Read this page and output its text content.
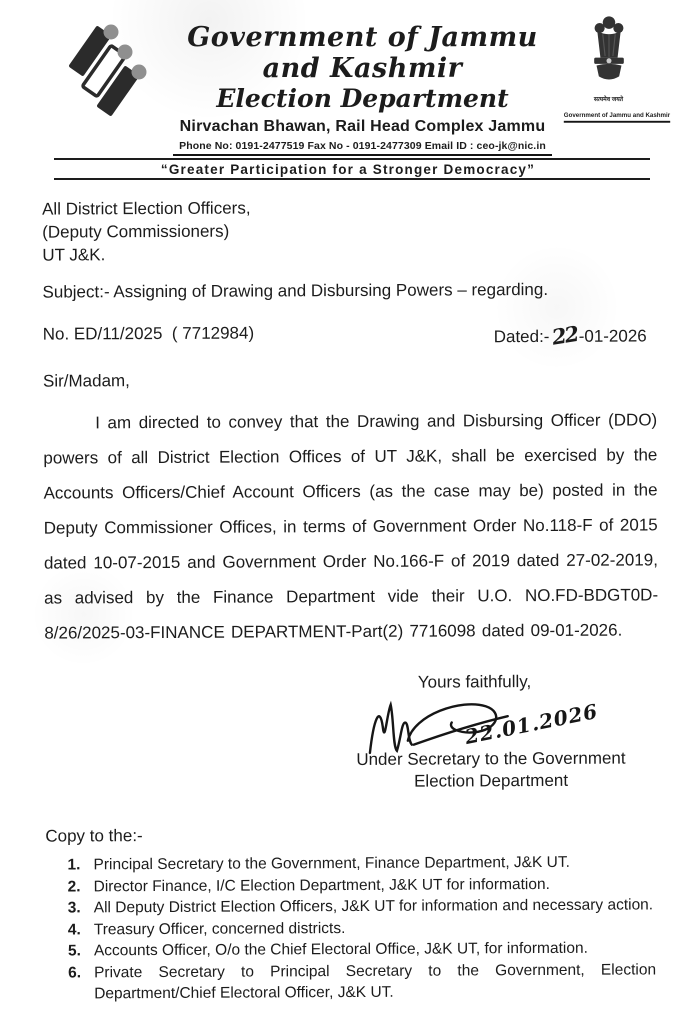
Government of Jammu and Kashmir
Election Department
Nirvachan Bhawan, Rail Head Complex Jammu
Phone No: 0191-2477519 Fax No - 0191-2477309 Email ID : ceo-jk@nic.in
सत्यमेव जयते
Government of Jammu and Kashmir
“Greater Participation for a Stronger Democracy”
All District Election Officers,
(Deputy Commissioners)
UT J&K.
Subject:- Assigning of Drawing and Disbursing Powers – regarding.
No. ED/11/2025  ( 7712984)	Dated:-22-01-2026
Sir/Madam,
I am directed to convey that the Drawing and Disbursing Officer (DDO) powers of all District Election Offices of UT J&K, shall be exercised by the Accounts Officers/Chief Account Officers (as the case may be) posted in the Deputy Commissioner Offices, in terms of Government Order No.118-F of 2015 dated 10-07-2015 and Government Order No.166-F of 2019 dated 27-02-2019, as advised by the Finance Department vide their U.O. NO.FD-BDGT0D-8/26/2025-03-FINANCE DEPARTMENT-Part(2) 7716098 dated 09-01-2026.
Yours faithfully,
22.01.2026
Under Secretary to the Government
Election Department
Copy to the:-
1. Principal Secretary to the Government, Finance Department, J&K UT.
2. Director Finance, I/C Election Department, J&K UT for information.
3. All Deputy District Election Officers, J&K UT for information and necessary action.
4. Treasury Officer, concerned districts.
5. Accounts Officer, O/o the Chief Electoral Office, J&K UT, for information.
6. Private Secretary to Principal Secretary to the Government, Election Department/Chief Electoral Officer, J&K UT.
